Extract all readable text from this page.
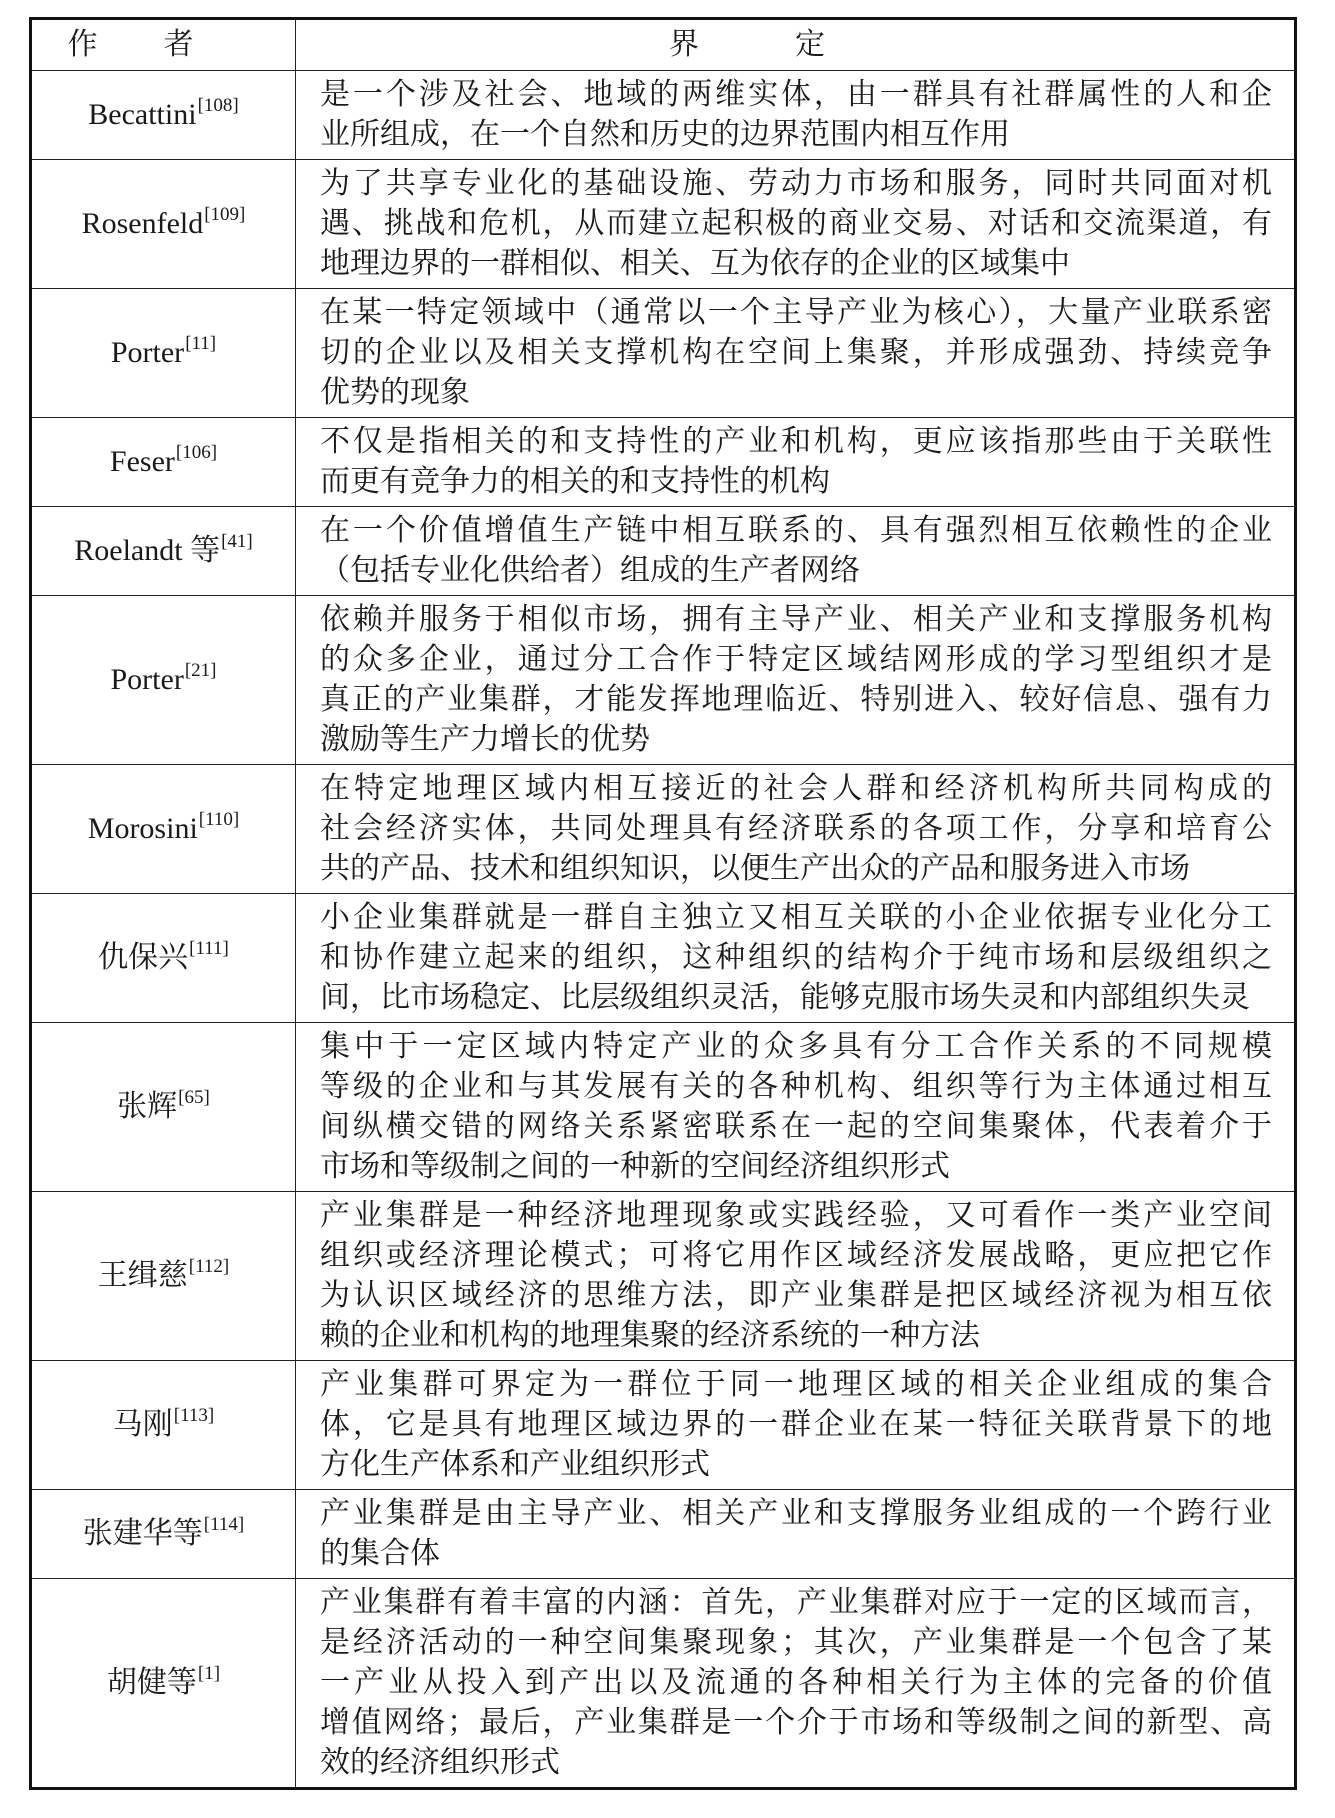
作者	界定
Becattini[108]	是一个涉及社会、地域的两维实体，由一群具有社群属性的人和企
业所组成，在一个自然和历史的边界范围内相互作用

Rosenfeld[109]	为了共享专业化的基础设施、劳动力市场和服务，同时共同面对机
遇、挑战和危机，从而建立起积极的商业交易、对话和交流渠道，有
地理边界的一群相似、相关、互为依存的企业的区域集中

Porter[11]	在某一特定领域中（通常以一个主导产业为核心），大量产业联系密
切的企业以及相关支撑机构在空间上集聚，并形成强劲、持续竞争
优势的现象

Feser[106]	不仅是指相关的和支持性的产业和机构，更应该指那些由于关联性
而更有竞争力的相关的和支持性的机构

Roelandt 等[41]	在一个价值增值生产链中相互联系的、具有强烈相互依赖性的企业
（包括专业化供给者）组成的生产者网络

Porter[21]	依赖并服务于相似市场，拥有主导产业、相关产业和支撑服务机构
的众多企业，通过分工合作于特定区域结网形成的学习型组织才是
真正的产业集群，才能发挥地理临近、特别进入、较好信息、强有力
激励等生产力增长的优势

Morosini[110]	在特定地理区域内相互接近的社会人群和经济机构所共同构成的
社会经济实体，共同处理具有经济联系的各项工作，分享和培育公
共的产品、技术和组织知识，以便生产出众的产品和服务进入市场

仇保兴[111]	小企业集群就是一群自主独立又相互关联的小企业依据专业化分工
和协作建立起来的组织，这种组织的结构介于纯市场和层级组织之
间，比市场稳定、比层级组织灵活，能够克服市场失灵和内部组织失灵

张辉[65]	集中于一定区域内特定产业的众多具有分工合作关系的不同规模
等级的企业和与其发展有关的各种机构、组织等行为主体通过相互
间纵横交错的网络关系紧密联系在一起的空间集聚体，代表着介于
市场和等级制之间的一种新的空间经济组织形式

王缉慈[112]	产业集群是一种经济地理现象或实践经验，又可看作一类产业空间
组织或经济理论模式；可将它用作区域经济发展战略，更应把它作
为认识区域经济的思维方法，即产业集群是把区域经济视为相互依
赖的企业和机构的地理集聚的经济系统的一种方法

马刚[113]	产业集群可界定为一群位于同一地理区域的相关企业组成的集合
体，它是具有地理区域边界的一群企业在某一特征关联背景下的地
方化生产体系和产业组织形式

张建华等[114]	产业集群是由主导产业、相关产业和支撑服务业组成的一个跨行业
的集合体

胡健等[1]	产业集群有着丰富的内涵：首先，产业集群对应于一定的区域而言，
是经济活动的一种空间集聚现象；其次，产业集群是一个包含了某
一产业从投入到产出以及流通的各种相关行为主体的完备的价值
增值网络；最后，产业集群是一个介于市场和等级制之间的新型、高
效的经济组织形式
